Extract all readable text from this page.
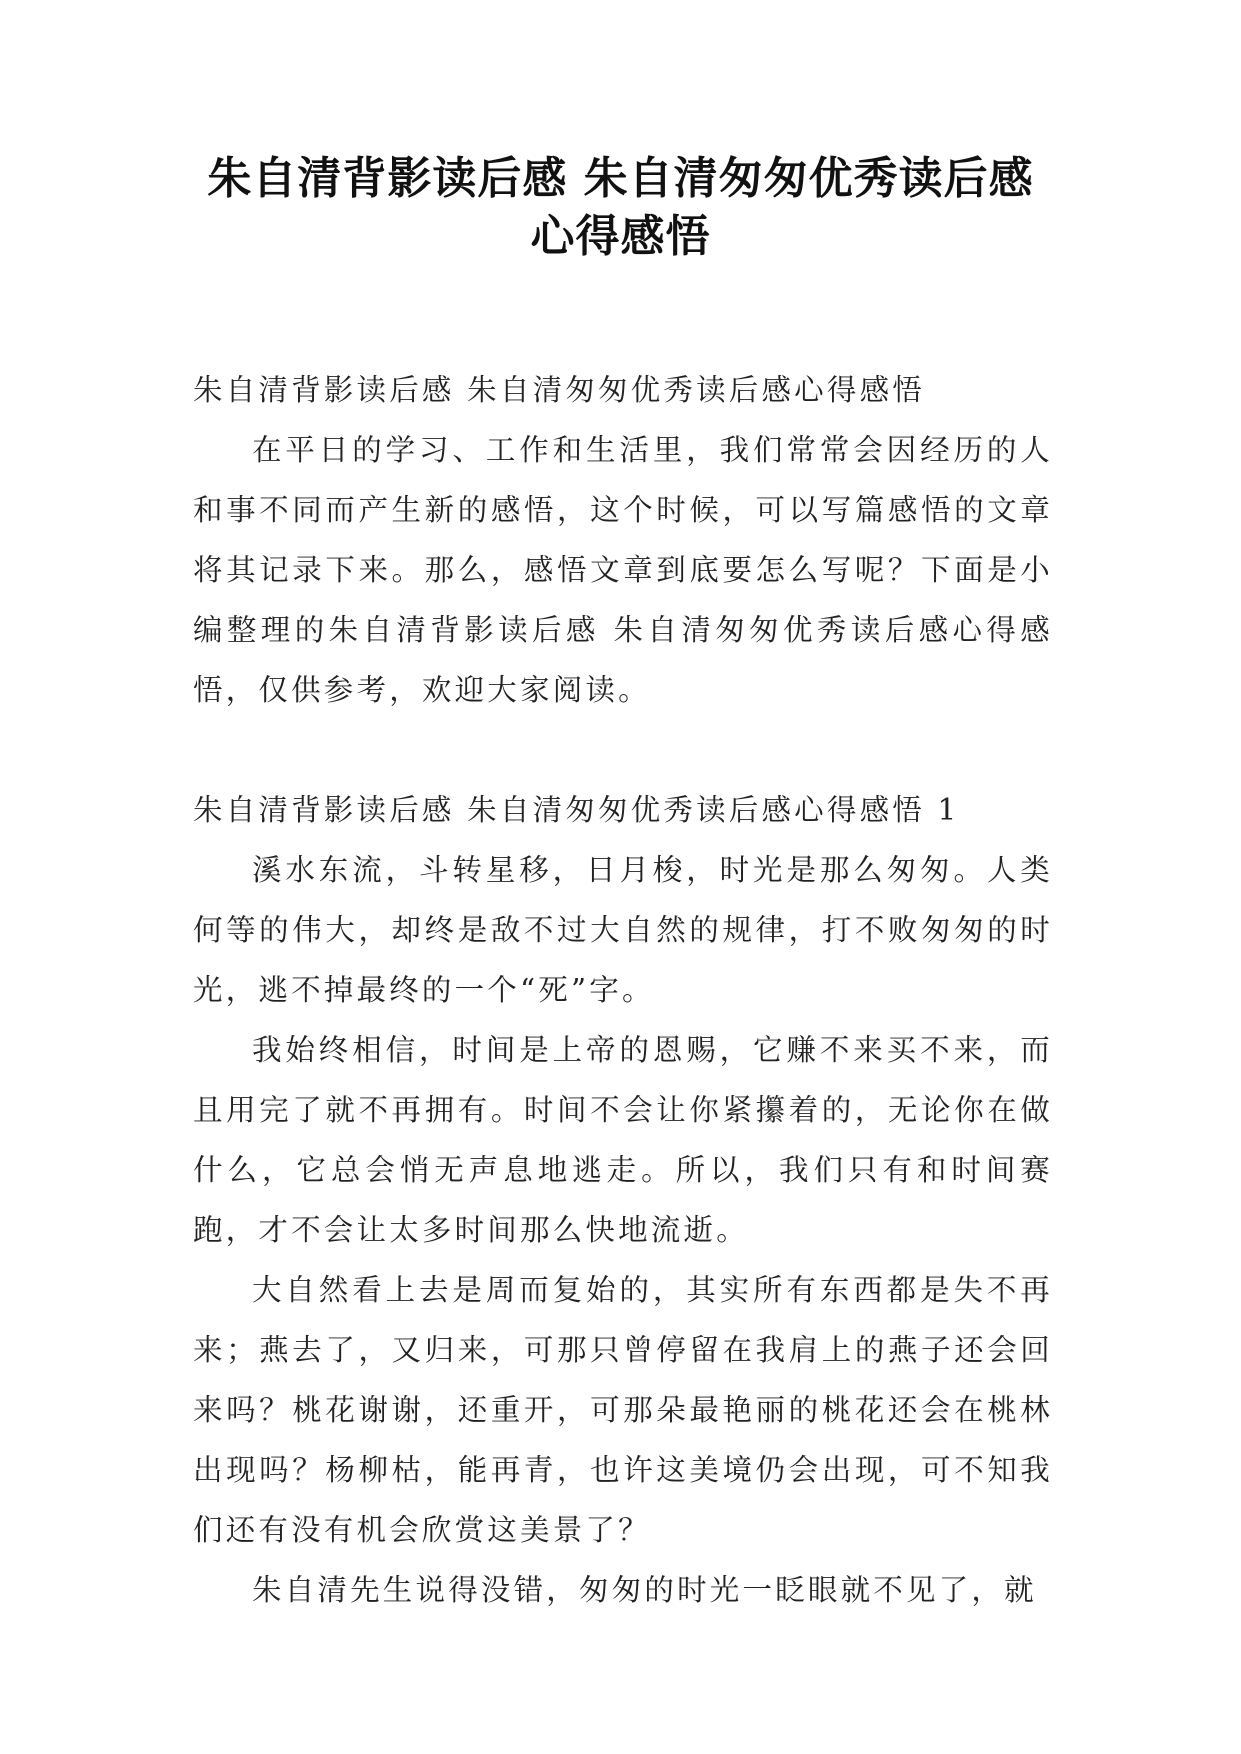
朱自清背影读后感 朱自清匆匆优秀读后感
心得感悟

朱自清背影读后感 朱自清匆匆优秀读后感心得感悟

在平日的学习、工作和生活里，我们常常会因经历的人和事不同而产生新的感悟，这个时候，可以写篇感悟的文章将其记录下来。那么，感悟文章到底要怎么写呢？下面是小编整理的朱自清背影读后感 朱自清匆匆优秀读后感心得感悟，仅供参考，欢迎大家阅读。

朱自清背影读后感 朱自清匆匆优秀读后感心得感悟 1

溪水东流，斗转星移，日月梭，时光是那么匆匆。人类何等的伟大，却终是敌不过大自然的规律，打不败匆匆的时光，逃不掉最终的一个“死”字。

我始终相信，时间是上帝的恩赐，它赚不来买不来，而且用完了就不再拥有。时间不会让你紧攥着的，无论你在做什么，它总会悄无声息地逃走。所以，我们只有和时间赛跑，才不会让太多时间那么快地流逝。

大自然看上去是周而复始的，其实所有东西都是失不再来；燕去了，又归来，可那只曾停留在我肩上的燕子还会回来吗？桃花谢谢，还重开，可那朵最艳丽的桃花还会在桃林出现吗？杨柳枯，能再青，也许这美境仍会出现，可不知我们还有没有机会欣赏这美景了？

朱自清先生说得没错，匆匆的时光一眨眼就不见了，就
